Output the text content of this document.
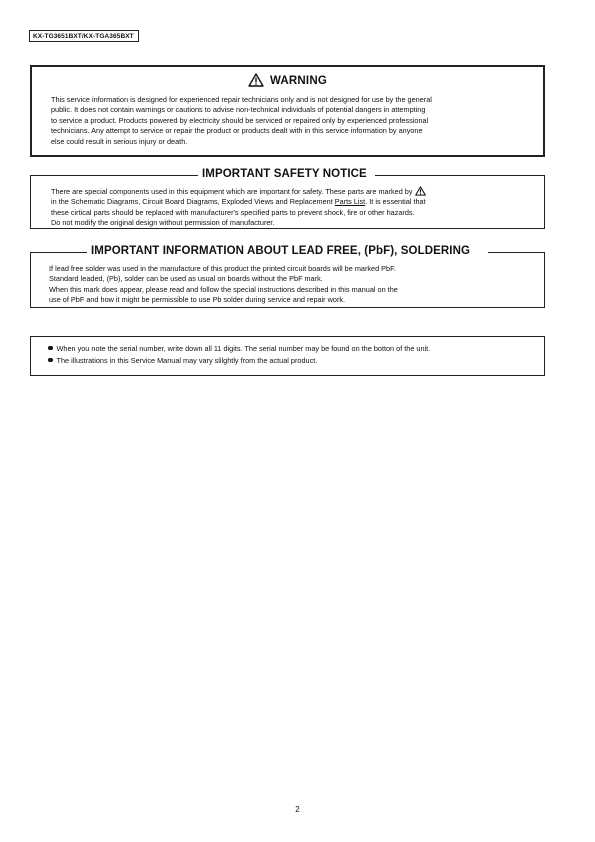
KX-TG3651BXT/KX-TGA365BXT
WARNING
This service information is designed for experienced repair technicians only and is not designed for use by the general
public. It does not contain warnings or cautions to advise non-technical individuals of potential dangers in attempting
to service a product. Products powered by electricity should be serviced or repaired only by experienced professional
technicians. Any attempt to service or repair the product or products dealt with in this service information by anyone
else could result in serious injury or death.
IMPORTANT SAFETY NOTICE
There are special components used in this equipment which are important for safety. These parts are marked by
in the Schematic Diagrams, Circuit Board Diagrams, Exploded Views and Replacement Parts List. It is essential that
these cirtical parts should be replaced with manufacturer's specified parts to prevent shock, fire or other hazards.
Do not modify the original design without permission of manufacturer.
IMPORTANT INFORMATION ABOUT LEAD FREE, (PbF), SOLDERING
If lead free solder was used in the manufacture of this product the printed circuit boards will be marked PbF.
Standard leaded, (Pb), solder can be used as usual on boards without the PbF mark.
When this mark does appear, please read and follow the special instructions described in this manual on the
use of PbF and how it might be permissible to use Pb solder during service and repair work.
When you note the serial number, write down all 11 digits. The serial number may be found on the botton of the unit.
The illustrations in this Service Manual may vary slilghtly from the actual product.
2
